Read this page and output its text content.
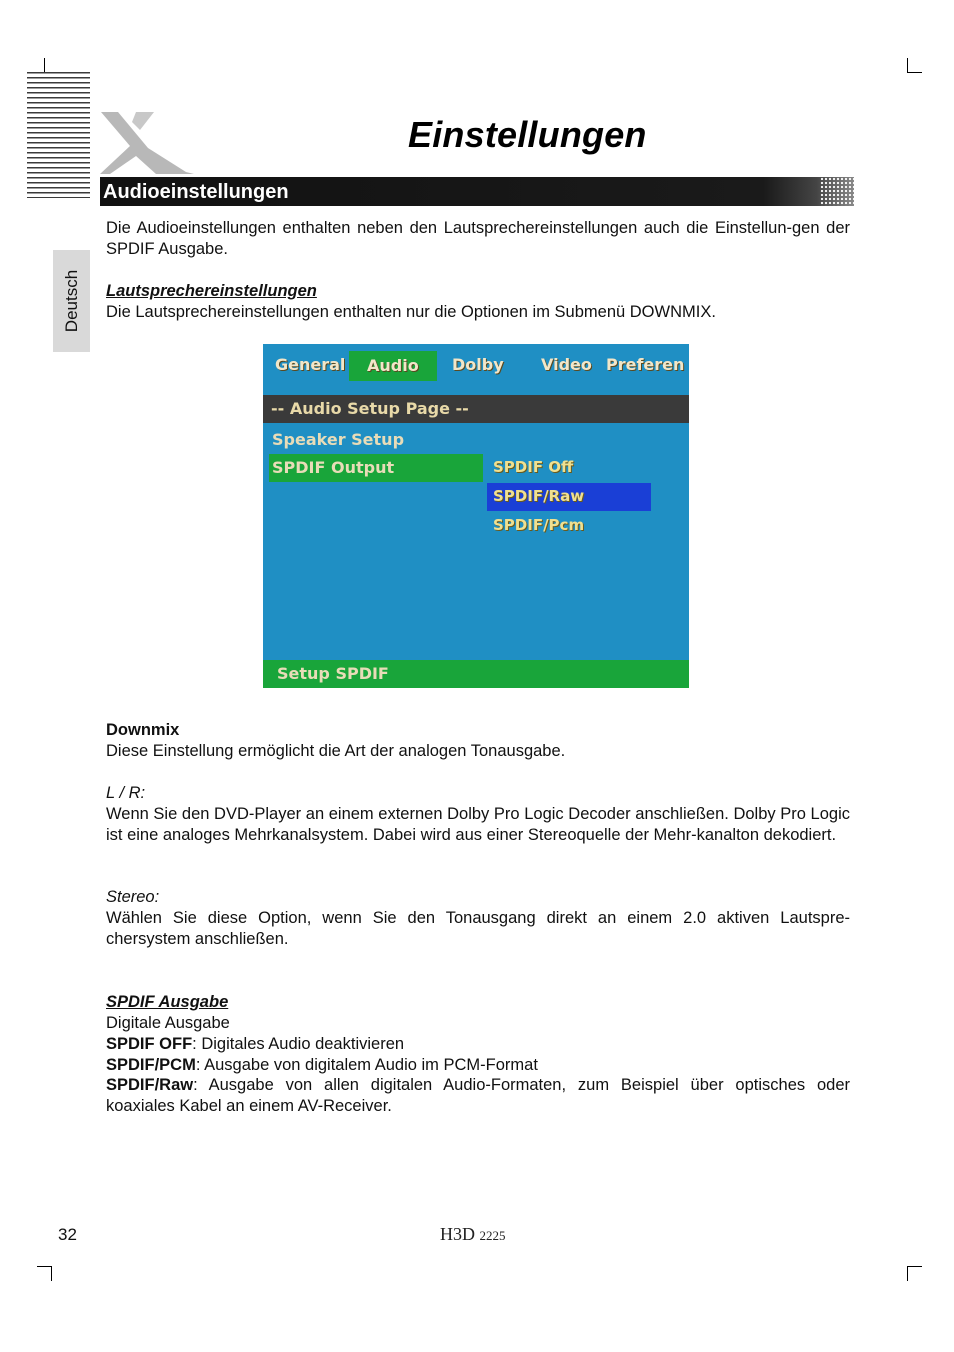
Einstellungen
Audioeinstellungen
Deutsch
Die Audioeinstellungen enthalten neben den Lautsprechereinstellungen auch die Einstellun-gen der SPDIF Ausgabe.
Lautsprechereinstellungen
Die Lautsprechereinstellungen enthalten nur die Optionen im Submenü DOWNMIX.
General	Audio	Dolby Video Preferen
-- Audio Setup Page --
Speaker Setup
SPDIF Output	SPDIF Off
SPDIF/Raw
SPDIF/Pcm
Setup SPDIF
Downmix
Diese Einstellung ermöglicht die Art der analogen Tonausgabe.
L / R:
Wenn Sie den DVD-Player an einem externen Dolby Pro Logic Decoder anschließen. Dolby Pro Logic ist eine analoges Mehrkanalsystem. Dabei wird aus einer Stereoquelle der Mehr-kanalton dekodiert.
Stereo:
Wählen Sie diese Option, wenn Sie den Tonausgang direkt an einem 2.0 aktiven Lautspre-chersystem anschließen.
SPDIF Ausgabe
Digitale Ausgabe
SPDIF OFF: Digitales Audio deaktivieren
SPDIF/PCM: Ausgabe von digitalem Audio im PCM-Format
SPDIF/Raw: Ausgabe von allen digitalen Audio-Formaten, zum Beispiel über optisches oder koaxiales Kabel an einem AV-Receiver.
32	H3D 2225
